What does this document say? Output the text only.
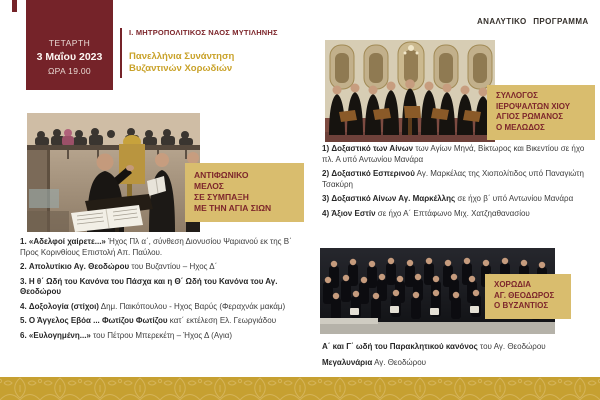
ΤΕΤΑΡΤΗ
3 Μαΐου 2023
ΩΡΑ 19.00
Ι. ΜΗΤΡΟΠΟΛΙΤΙΚΟΣ ΝΑΟΣ ΜΥΤΙΛΗΝΗΣ
Πανελλήνια Συνάντηση
Βυζαντινών Χορωδιών
ΑΝΑΛΥΤΙΚΟ ΠΡΟΓΡΑΜΜΑ
ΑΝΤΙΦΩΝΙΚΟ
ΜΕΛΟΣ
ΣΕ ΣΥΜΠΑΞΗ
ΜΕ ΤΗΝ ΑΓΙΑ ΣΙΩΝ
1. «Αδελφοί χαίρετε...» Ήχος Πλ α΄, σύνθεση Διονυσίου Ψαριανού εκ της Β΄ Προς Κορινθίους Επιστολή Απ. Παύλου.
2. Απολυτίκιο Αγ. Θεοδώρου του Βυζαντίου – Ηχος Δ΄
3. Η θ΄ Ωδή του Κανόνα του Πάσχα και η Θ΄ Ωδή του Κανόνα του Αγ. Θεοδώρου
4. Δοξολογία (στίχοι) Δημ. Παικόπουλου - Ηχος Βαρύς (Φεραχνάκ μακάμ)
5. Ο Άγγελος Εβόα ... Φωτίζου Φωτίζου κατ΄ εκτέλεση Ελ. Γεωργιάδου
6. «Ευλογημένη...» του Πέτρου Μπερεκέτη – Ήχος Δ (Αγια)
ΣΥΛΛΟΓΟΣ
ΙΕΡΟΨΑΛΤΩΝ ΧΙΟΥ
ΑΓΙΟΣ ΡΩΜΑΝΟΣ
Ο ΜΕΛΩΔΟΣ
1) Δοξαστικό των Αίνων των Αγίων Μηνά, Βίκτωρος και Βικεντίου σε ήχο πλ. Α υπό Αντωνίου Μανάρα
2) Δοξαστικό Εσπερινού Αγ. Μαρκέλας της Χιοπολίτιδος υπό Παναγιώτη Τσακύρη
3) Δοξαστικό Αίνων Αγ. Μαρκέλλης σε ήχο β΄ υπό Αντωνίου Μανάρα
4) Άξιον Εστίν σε ήχο Α΄ Επτάφωνο Μιχ. Χατζηαθανασίου
ΧΟΡΩΔΙΑ
ΑΓ. ΘΕΟΔΩΡΟΣ
Ο ΒΥΖΑΝΤΙΟΣ
Α΄ και Γ΄ ωδή του Παρακλητικού κανόνος του Αγ. Θεοδώρου
Μεγαλυνάρια Αγ. Θεοδώρου
